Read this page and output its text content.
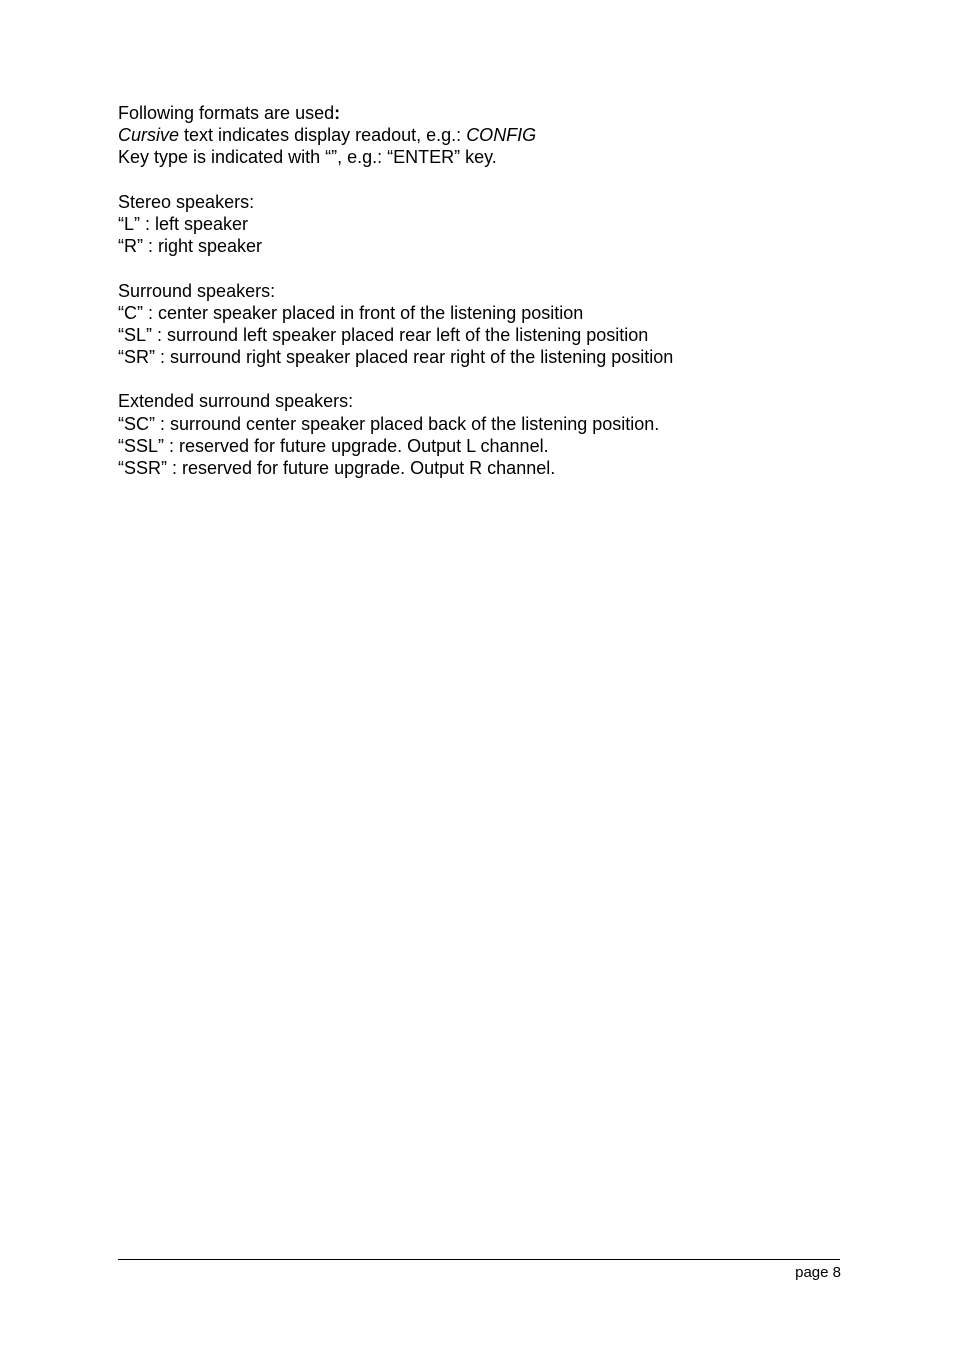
Following formats are used:
Cursive text indicates display readout, e.g.: CONFIG
Key type is indicated with “”, e.g.: “ENTER” key.
Stereo speakers:
“L” : left speaker
“R” : right speaker
Surround speakers:
“C” : center speaker placed in front of the listening position
“SL” : surround left speaker placed rear left of the listening position
“SR” : surround right speaker placed rear right of the listening position
Extended surround speakers:
“SC” : surround center speaker placed back of the listening position.
“SSL” : reserved for future upgrade. Output L channel.
“SSR” : reserved for future upgrade. Output R channel.
page 8
